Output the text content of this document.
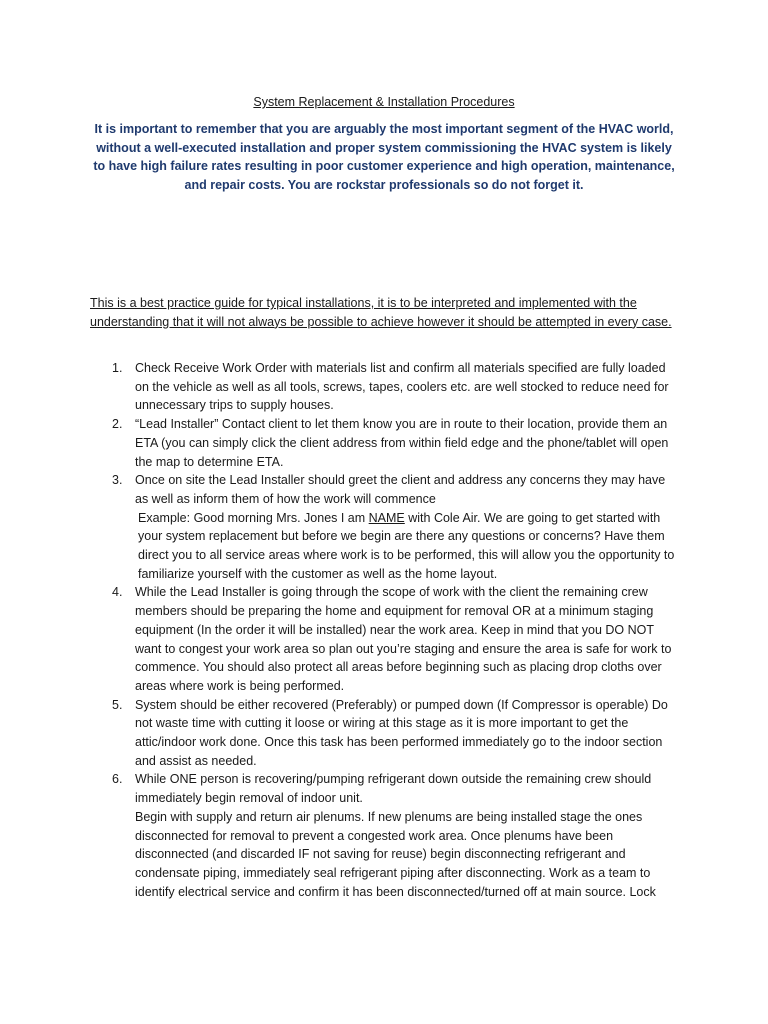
System Replacement & Installation Procedures
It is important to remember that you are arguably the most important segment of the HVAC world, without a well-executed installation and proper system commissioning the HVAC system is likely to have high failure rates resulting in poor customer experience and high operation, maintenance, and repair costs. You are rockstar professionals so do not forget it.
This is a best practice guide for typical installations, it is to be interpreted and implemented with the understanding that it will not always be possible to achieve however it should be attempted in every case.
1. Check Receive Work Order with materials list and confirm all materials specified are fully loaded on the vehicle as well as all tools, screws, tapes, coolers etc. are well stocked to reduce need for unnecessary trips to supply houses.
2. “Lead Installer” Contact client to let them know you are in route to their location, provide them an ETA (you can simply click the client address from within field edge and the phone/tablet will open the map to determine ETA.
3. Once on site the Lead Installer should greet the client and address any concerns they may have as well as inform them of how the work will commence
Example: Good morning Mrs. Jones I am NAME with Cole Air. We are going to get started with your system replacement but before we begin are there any questions or concerns? Have them direct you to all service areas where work is to be performed, this will allow you the opportunity to familiarize yourself with the customer as well as the home layout.
4. While the Lead Installer is going through the scope of work with the client the remaining crew members should be preparing the home and equipment for removal OR at a minimum staging equipment (In the order it will be installed) near the work area. Keep in mind that you DO NOT want to congest your work area so plan out you’re staging and ensure the area is safe for work to commence. You should also protect all areas before beginning such as placing drop cloths over areas where work is being performed.
5. System should be either recovered (Preferably) or pumped down (If Compressor is operable) Do not waste time with cutting it loose or wiring at this stage as it is more important to get the attic/indoor work done. Once this task has been performed immediately go to the indoor section and assist as needed.
6. While ONE person is recovering/pumping refrigerant down outside the remaining crew should immediately begin removal of indoor unit.
Begin with supply and return air plenums. If new plenums are being installed stage the ones disconnected for removal to prevent a congested work area. Once plenums have been disconnected (and discarded IF not saving for reuse) begin disconnecting refrigerant and condensate piping, immediately seal refrigerant piping after disconnecting. Work as a team to identify electrical service and confirm it has been disconnected/turned off at main source. Lock
